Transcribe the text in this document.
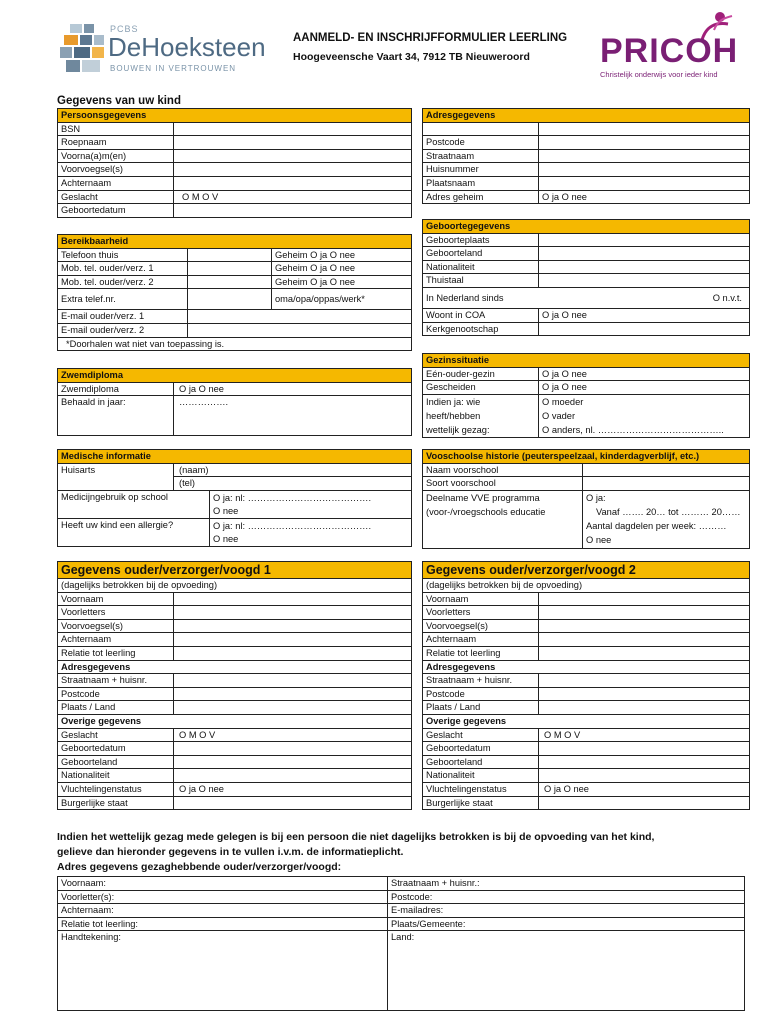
PCBS
DeHoeksteen
BOUWEN IN VERTROUWEN
AANMELD- EN INSCHRIJFFORMULIER LEERLING
Hoogeveensche Vaart 34, 7912 TB Nieuweroord PRICOH
Christelijk onderwijs voor ieder kind
Gegevens van uw kind
Persoonsgegevens	
BSN	
Roepnaam	
Voorna(a)m(en)	
Voorvoegsel(s)	
Achternaam	
Geslacht	O M O V
Geboortedatum	
Bereikbaarheid		
Telefoon thuis		Geheim O ja O nee
Mob. tel. ouder/verz. 1		Geheim O ja O nee
Mob. tel. ouder/verz. 2		Geheim O ja O nee
Extra telef.nr.		oma/opa/oppas/werk*
E-mail ouder/verz. 1		
E-mail ouder/verz. 2		
*Doorhalen wat niet van toepassing is.		
Zwemdiploma	
Zwemdiploma	O ja O nee
Behaald in jaar:	…………….
Medische informatie		
Huisarts	(naam)	
	(tel)	
Medicijngebruik op school		O ja: nl: ………………………………….
O nee

Heeft uw kind een allergie?		O ja: nl: ………………………………….
O nee
Adresgegevens	

Postcode	
Straatnaam	
Huisnummer	
Plaatsnaam	
Adres geheim	O ja O nee
Geboortegegevens	
Geboorteplaats	
Geboorteland	
Nationaliteit	
Thuistaal	
In Nederland sinds O n.v.t.	

Woont in COA	O ja O nee
Kerkgenootschap	
Gezinssituatie	
Eén-ouder-gezin	O ja O nee
Gescheiden	O ja O nee

Indien ja: wie
heeft/hebben
wettelijk gezag:	O moeder
O vader
O anders, nl. …………………………………..
Vooschoolse historie (peuterspeelzaal, kinderdagverblijf, etc.)	
Naam voorschool	
Soort voorschool	

Deelname VVE programma
(voor-/vroegschools educatie	O ja:
Vanaf ……. 20… tot ……… 20……
Aantal dagdelen per week: ………
O nee
Gegevens ouder/verzorger/voogd 1	
(dagelijks betrokken bij de opvoeding)	
Voornaam	
Voorletters	
Voorvoegsel(s)	
Achternaam	
Relatie tot leerling	
Adresgegevens	
Straatnaam + huisnr.	
Postcode	
Plaats / Land	
Overige gegevens	
Geslacht	O M O V
Geboortedatum	
Geboorteland	
Nationaliteit	
Vluchtelingenstatus	O ja O nee
Burgerlijke staat	
Gegevens ouder/verzorger/voogd 2	
(dagelijks betrokken bij de opvoeding)	
Voornaam	
Voorletters	
Voorvoegsel(s)	
Achternaam	
Relatie tot leerling	
Adresgegevens	
Straatnaam + huisnr.	
Postcode	
Plaats / Land	
Overige gegevens	
Geslacht	O M O V
Geboortedatum	
Geboorteland	
Nationaliteit	
Vluchtelingenstatus	O ja O nee
Burgerlijke staat	
Indien het wettelijk gezag mede gelegen is bij een persoon die niet dagelijks betrokken is bij de opvoeding van het kind,
gelieve dan hieronder gegevens in te vullen i.v.m. de informatieplicht.
Adres gegevens gezaghebbende ouder/verzorger/voogd:
Voornaam:	Straatnaam + huisnr.:
Voorletter(s):	Postcode:
Achternaam:	E-mailadres:
Relatie tot leerling:	Plaats/Gemeente:
Handtekening:	Land:
